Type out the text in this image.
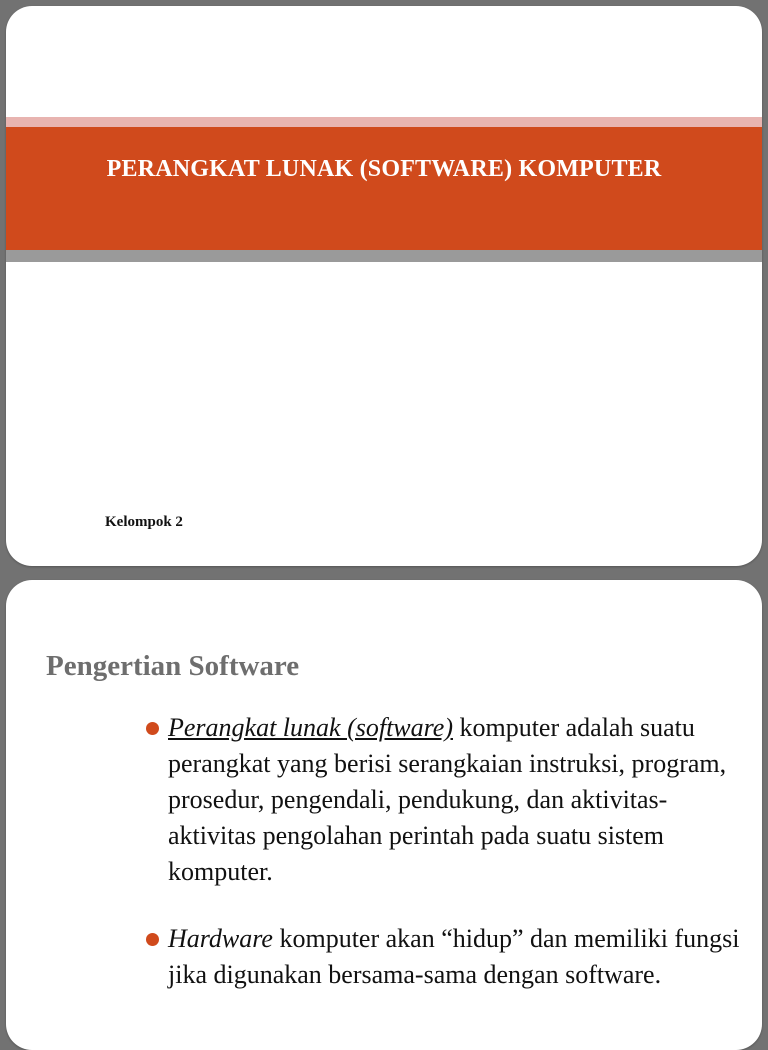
PERANGKAT LUNAK (SOFTWARE) KOMPUTER
Kelompok 2
Pengertian Software
Perangkat lunak (software) komputer adalah suatu perangkat yang berisi serangkaian instruksi, program, prosedur, pengendali, pendukung, dan aktivitas-aktivitas pengolahan perintah pada suatu sistem komputer.
Hardware komputer akan “hidup” dan memiliki fungsi jika digunakan bersama-sama dengan software.
